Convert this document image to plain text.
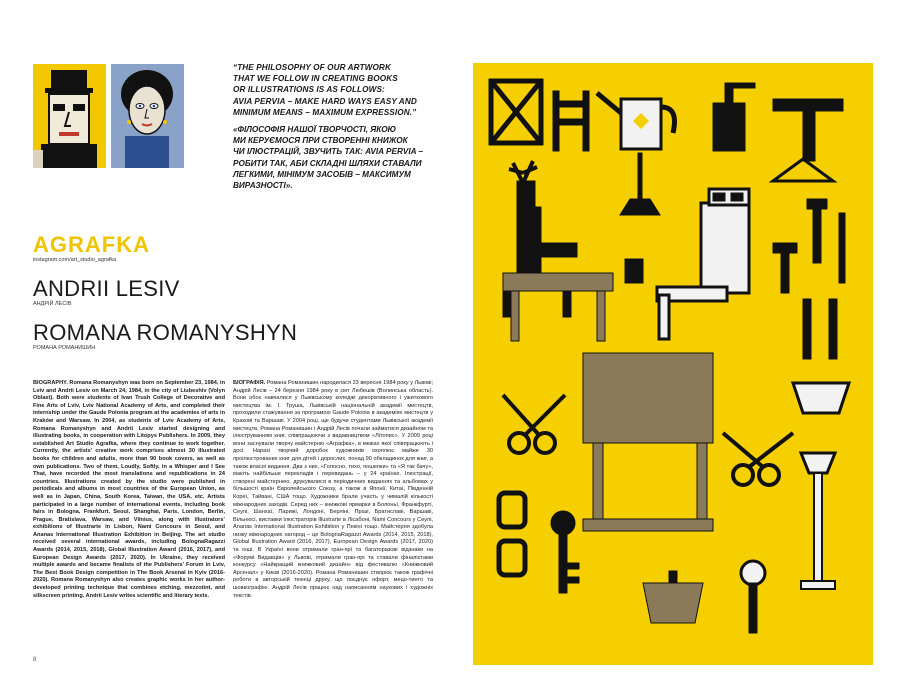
“THE PHILOSOPHY OF OUR ARTWORK
THAT WE FOLLOW IN CREATING BOOKS
OR ILLUSTRATIONS IS AS FOLLOWS:
AVIA PERVIA – MAKE HARD WAYS EASY AND
MINIMUM MEANS – MAXIMUM EXPRESSION.”
«ФІЛОСОФІЯ НАШОЇ ТВОРЧОСТІ, ЯКОЮ
МИ КЕРУЄМОСЯ ПРИ СТВОРЕННІ КНИЖОК
ЧИ ІЛЮСТРАЦІЙ, ЗВУЧИТЬ ТАК: AVIA PERVIA –
РОБИТИ ТАК, АБИ СКЛАДНІ ШЛЯХИ СТАВАЛИ
ЛЕГКИМИ, МІНІМУМ ЗАСОБІВ – МАКСИМУМ
ВИРАЗНОСТІ».
AGRAFKA
instagram.com/art_studio_agrafka
ANDRII LESIV
АНДРІЙ ЛЕСІВ
ROMANA ROMANYSHYN
РОМАНА РОМАНИШИН
BIOGRAPHY. Romana Romanyshyn was born on September 23, 1984, in Lviv and Andrii Lesiv on March 24, 1984, in the city of Liubeshiv (Volyn Oblast). Both were students of Ivan Trush College of Decorative and Fine Arts of Lviv, Lviv National Academy of Arts, and completed their internship under the Gaude Polonia program at the academies of arts in Kraków and Warsaw. In 2004, as students of Lviv Academy of Arts, Romana Romanyshyn and Andrii Lesiv started designing and illustrating books, in cooperation with Litopys Publishers. In 2009, they established Art Studio Agrafka, where they continue to work together. Currently, the artists’ creative work comprises almost 30 illustrated books for children and adults, more than 90 book covers, as well as own publications. Two of them, Loudly, Softly, in a Whisper and I See That, have recorded the most translations and republications in 24 countries. Illustrations created by the studio were published in periodicals and albums in most countries of the European Union, as well as in Japan, China, South Korea, Taiwan, the USA, etc. Artists participated in a large number of international events, including book fairs in Bologna, Frankfurt, Seoul, Shanghai, Paris, London, Berlin, Prague, Bratislava, Warsaw, and Vilnius, along with illustrators’ exhibitions of Illustrarte in Lisbon, Nami Concours in Seoul, and Ananas International Illustration Exhibition in Beijing. The art studio received several international awards, including BolognaRagazzi Awards (2014, 2015, 2018), Global Illustration Award (2016, 2017), and European Design Awards (2017, 2020). In Ukraine, they received multiple awards and became finalists of the Publishers’ Forum in Lviv, The Best Book Design competition in The Book Arsenal in Kyiv (2016-2020). Romana Romanyshyn also creates graphic works in her author-developed printing technique that combines etching, mezzotint, and silkscreen printing. Andrii Lesiv writes scientific and literary texts.
БІОГРАФІЯ. Романа Романишин народилася 23 вересня 1984 року у Львові; Андрій Лесів – 24 березня 1984 року в смт Любешів (Волинська область). Вони обоє навчалися у Львівському коледжі декоративного і ужиткового мистецтва ім. І. Труша, Львівській національній академії мистецтв, проходили стажування за програмою Gaude Polonia в академіях мистецтв у Кракові та Варшаві. У 2004 році, ще будучи студентами Львівської академії мистецтв, Романа Романишин і Андрій Лесів почали займатися дизайном та ілюструванням книг, співпрацюючи з видавництвом «Літопис». У 2009 році вони заснували творчу майстерню «Аграфка», в межах якої співпрацюють і досі. Наразі творчий доробок художників охоплює майже 30 проілюстрованих книг для дітей і дорослих, понад 90 обкладинок для книг, а також власні видання. Два з них, «Голосно, тихо, пошепки» та «Я так бачу», мають найбільше перекладів і перевидань – у 24 країнах. Ілюстрації, створені майстернею, друкувалися в періодичних виданнях та альбомах у більшості країн Європейського Союзу, а також в Японії, Китаї, Південній Кореї, Тайвані, США тощо. Художники брали участь у чималій кількості міжнародних заходів. Серед них – книжкові ярмарки в Болоньї, Франкфурті, Сеулі, Шанхаї, Парижі, Лондоні, Берліні, Празі, Братиславі, Варшаві, Вільнюсі, виставки ілюстраторів Illustrarte в Лісабоні, Nami Concours у Сеулі, Ananas International Illustration Exhibition у Пекіні тощо. Майстерня здобула низку міжнародних нагород – це BolognaRagazzi Awards (2014, 2015, 2018), Global Illustration Award (2016, 2017), European Design Awards (2017, 2020) та інші. В Україні вони отримали гран-прі та багаторазові відзнаки на «Форумі Видавців» у Львові, отримали гран-прі та ставали фіналістами конкурсу «Найкращий книжковий дизайн» від фестивалю «Книжковий Арсенал» у Києві (2016-2020). Романа Романишин створює також графічні роботи в авторській техніці друку, що поєднує офорт, мецо-тинто та шовкографію. Андрій Лесів працює над написанням наукових і художніх текстів.
8
